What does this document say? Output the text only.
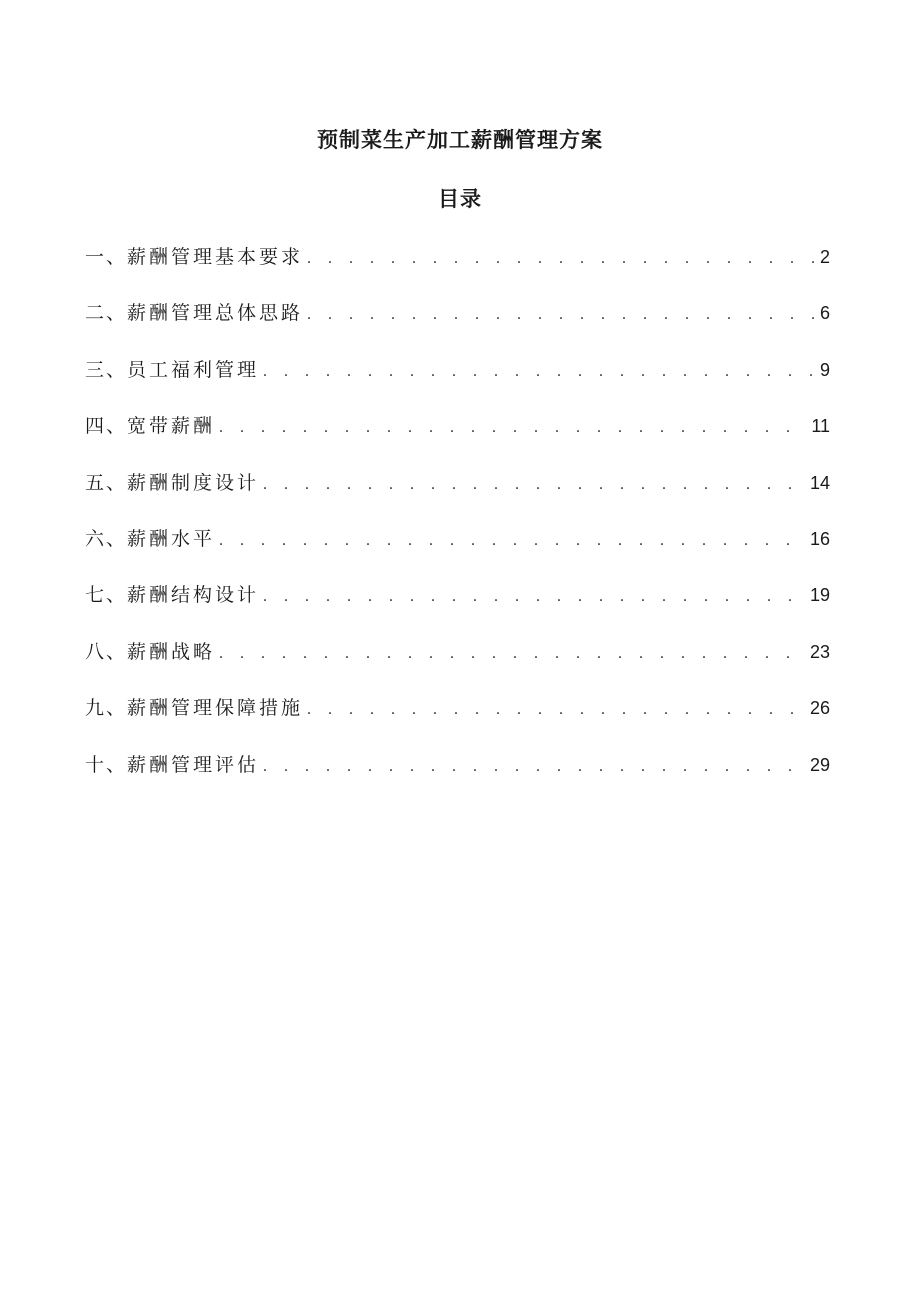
预制菜生产加工薪酬管理方案
目录
一 、 薪酬管理基本要求 . . .	2
二 、 薪酬管理总体思路 . . .	6
三 、 员工福利管理 . . .	9
四 、 宽带薪酬 . . .	11
五 、 薪酬制度设计 . . .	14
六 、 薪酬水平 . . .	16
七 、 薪酬结构设计 . . .	19
八 、 薪酬战略 . . .	23
九 、 薪酬管理保障措施 . . .	26
十 、 薪酬管理评估 . . .	29
